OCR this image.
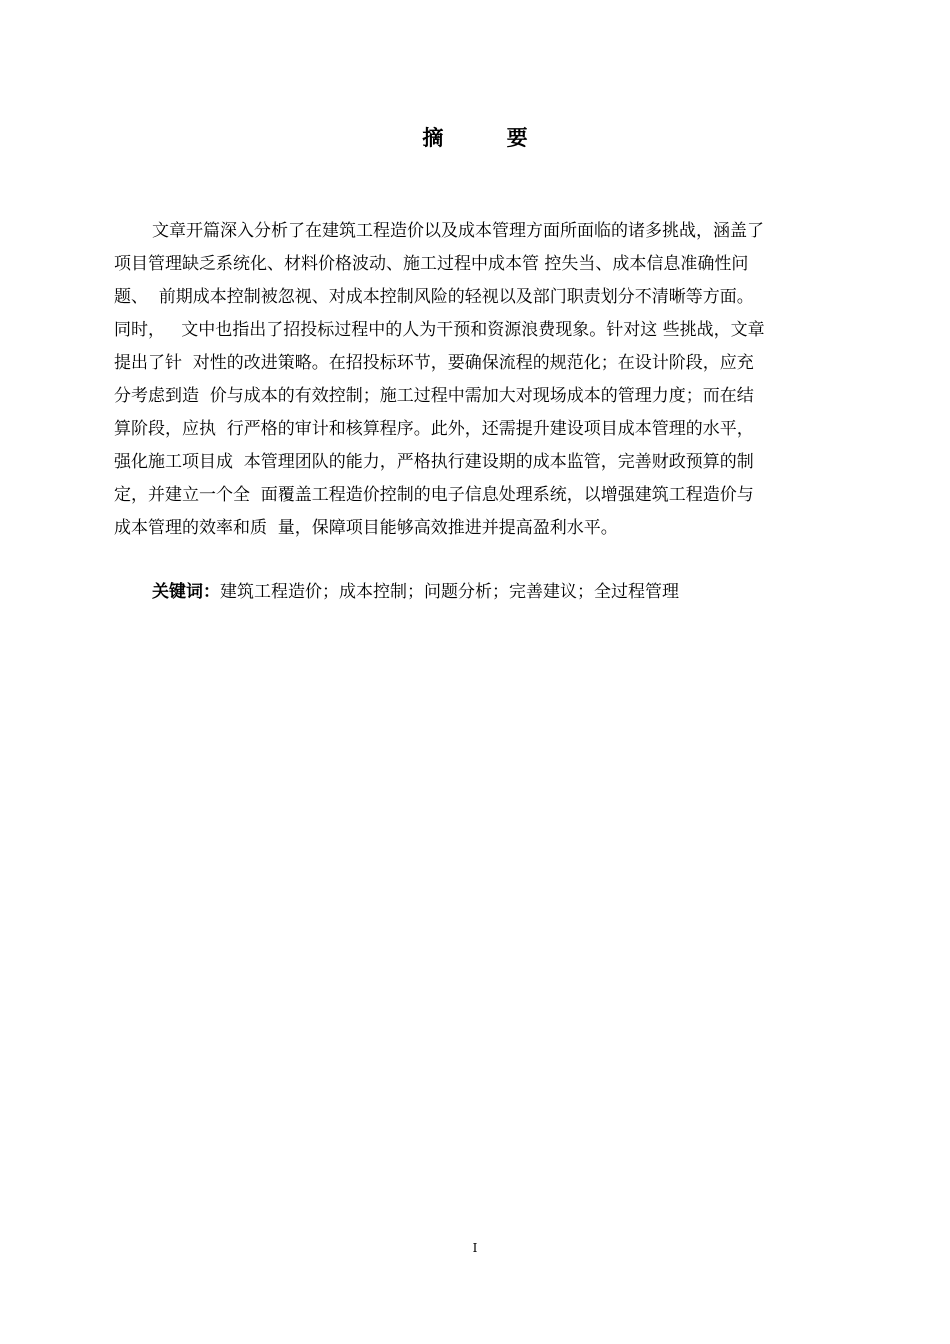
摘 要
文章开篇深入分析了在建筑工程造价以及成本管理方面所面临的诸多挑战，涵盖了
项目管理缺乏系统化、材料价格波动、施工过程中成本管 控失当、成本信息准确性问
题、  前期成本控制被忽视、对成本控制风险的轻视以及部门职责划分不清晰等方面。
同时，   文中也指出了招投标过程中的人为干预和资源浪费现象。针对这 些挑战，文章
提出了针  对性的改进策略。在招投标环节，要确保流程的规范化；在设计阶段，应充
分考虑到造  价与成本的有效控制；施工过程中需加大对现场成本的管理力度；而在结
算阶段，应执  行严格的审计和核算程序。此外，还需提升建设项目成本管理的水平，
强化施工项目成  本管理团队的能力，严格执行建设期的成本监管，完善财政预算的制
定，并建立一个全  面覆盖工程造价控制的电子信息处理系统，以增强建筑工程造价与
成本管理的效率和质  量，保障项目能够高效推进并提高盈利水平。
关键词：建筑工程造价；成本控制；问题分析；完善建议；全过程管理
I
